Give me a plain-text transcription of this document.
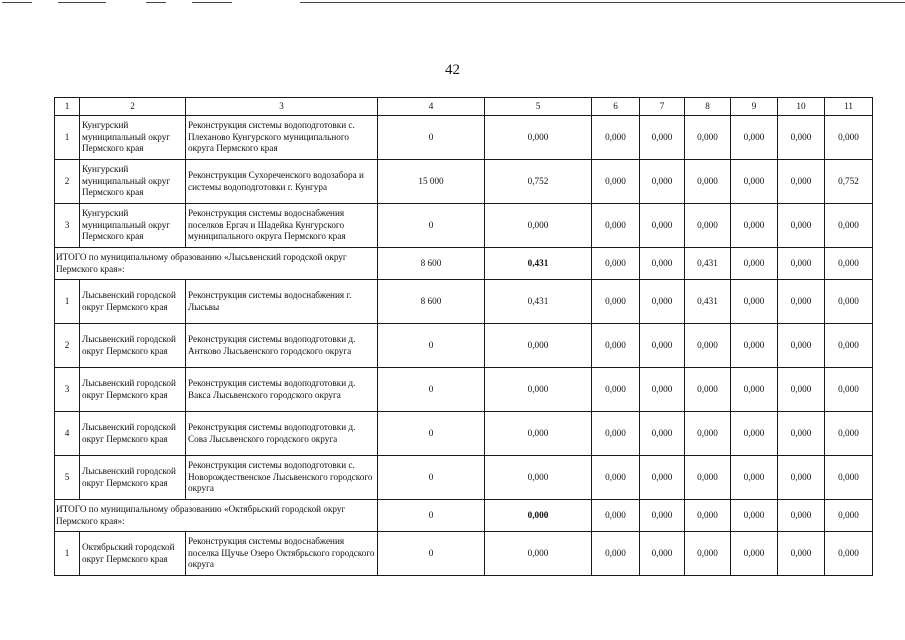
42
1	2	3	4	5	6	7	8	9	10	11
1	Кунгурский муниципальный округ Пермского края	Реконструкция системы водоподготовки с. Плеханово Кунгурского муниципального округа Пермского края	0	0,000	0,000	0,000	0,000	0,000	0,000	0,000
2	Кунгурский муниципальный округ Пермского края	Реконструкция Сухореченского водозабора и системы водоподготовки г. Кунгура	15 000	0,752	0,000	0,000	0,000	0,000	0,000	0,752
3	Кунгурский муниципальный округ Пермского края	Реконструкция системы водоснабжения поселков Ергач и Шадейка Кунгурского муниципального округа Пермского края	0	0,000	0,000	0,000	0,000	0,000	0,000	0,000
ИТОГО по муниципальному образованию «Лысьвенский городской округ Пермского края»:			8 600	0,431	0,000	0,000	0,431	0,000	0,000	0,000
1	Лысьвенский городской округ Пермского края	Реконструкция системы водоснабжения г. Лысьвы	8 600	0,431	0,000	0,000	0,431	0,000	0,000	0,000
2	Лысьвенский городской округ Пермского края	Реконструкция системы водоподготовки д. Антково Лысьвенского городского округа	0	0,000	0,000	0,000	0,000	0,000	0,000	0,000
3	Лысьвенский городской округ Пермского края	Реконструкция системы водоподготовки д. Вакса Лысьвенского городского округа	0	0,000	0,000	0,000	0,000	0,000	0,000	0,000
4	Лысьвенский городской округ Пермского края	Реконструкция системы водоподготовки д. Сова Лысьвенского городского округа	0	0,000	0,000	0,000	0,000	0,000	0,000	0,000
5	Лысьвенский городской округ Пермского края	Реконструкция системы водоподготовки с. Новорождественское Лысьвенского городского округа	0	0,000	0,000	0,000	0,000	0,000	0,000	0,000
ИТОГО по муниципальному образованию «Октябрьский городской округ Пермского края»:			0	0,000	0,000	0,000	0,000	0,000	0,000	0,000
1	Октябрьский городской округ Пермского края	Реконструкция системы водоснабжения поселка Щучье Озеро Октябрьского городского округа	0	0,000	0,000	0,000	0,000	0,000	0,000	0,000
